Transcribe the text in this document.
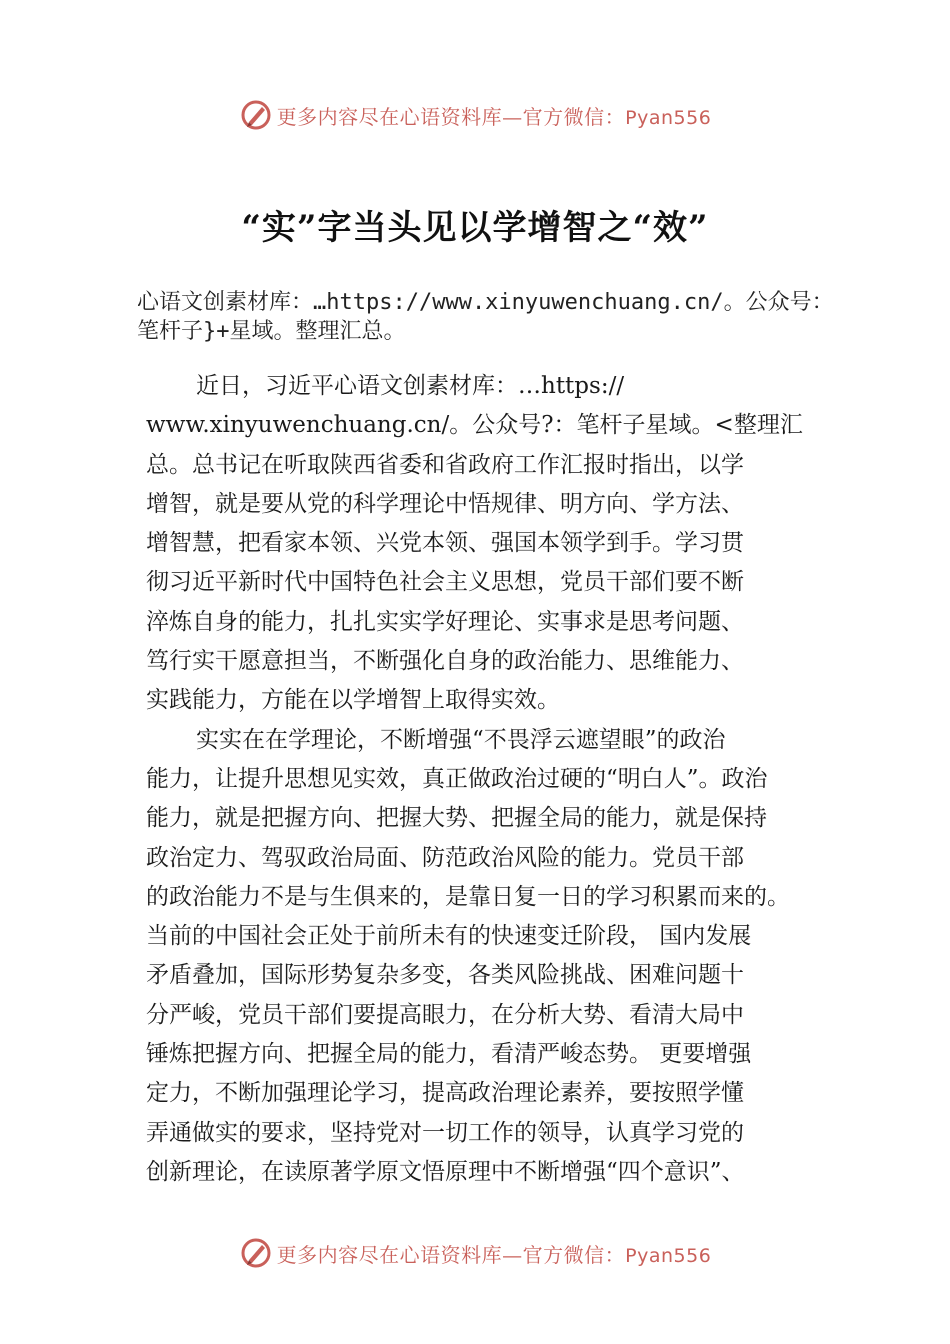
更多内容尽在心语资料库—官方微信：Pyan556
“实”字当头见以学增智之“效”
心语文创素材库：…https://www.xinyuwenchuang.cn/。公众号：笔杆子}+星域。整理汇总。
近日，习近平心语文创素材库：…https://
www.xinyuwenchuang.cn/。公众号?：笔杆子星域。<整理汇
总。总书记在听取陕西省委和省政府工作汇报时指出，以学
增智，就是要从党的科学理论中悟规律、明方向、学方法、
增智慧，把看家本领、兴党本领、强国本领学到手。学习贯
彻习近平新时代中国特色社会主义思想，党员干部们要不断
淬炼自身的能力，扎扎实实学好理论、实事求是思考问题、
笃行实干愿意担当，不断强化自身的政治能力、思维能力、
实践能力，方能在以学增智上取得实效。
实实在在学理论，不断增强“不畏浮云遮望眼”的政治
能力，让提升思想见实效，真正做政治过硬的“明白人”。政治
能力，就是把握方向、把握大势、把握全局的能力，就是保持
政治定力、驾驭政治局面、防范政治风险的能力。党员干部
的政治能力不是与生俱来的，是靠日复一日的学习积累而来的。
当前的中国社会正处于前所未有的快速变迁阶段， 国内发展
矛盾叠加，国际形势复杂多变，各类风险挑战、困难问题十
分严峻，党员干部们要提高眼力，在分析大势、看清大局中
锤炼把握方向、把握全局的能力，看清严峻态势。 更要增强
定力，不断加强理论学习，提高政治理论素养，要按照学懂
弄通做实的要求，坚持党对一切工作的领导，认真学习党的
创新理论，在读原著学原文悟原理中不断增强“四个意识”、
更多内容尽在心语资料库—官方微信：Pyan556
